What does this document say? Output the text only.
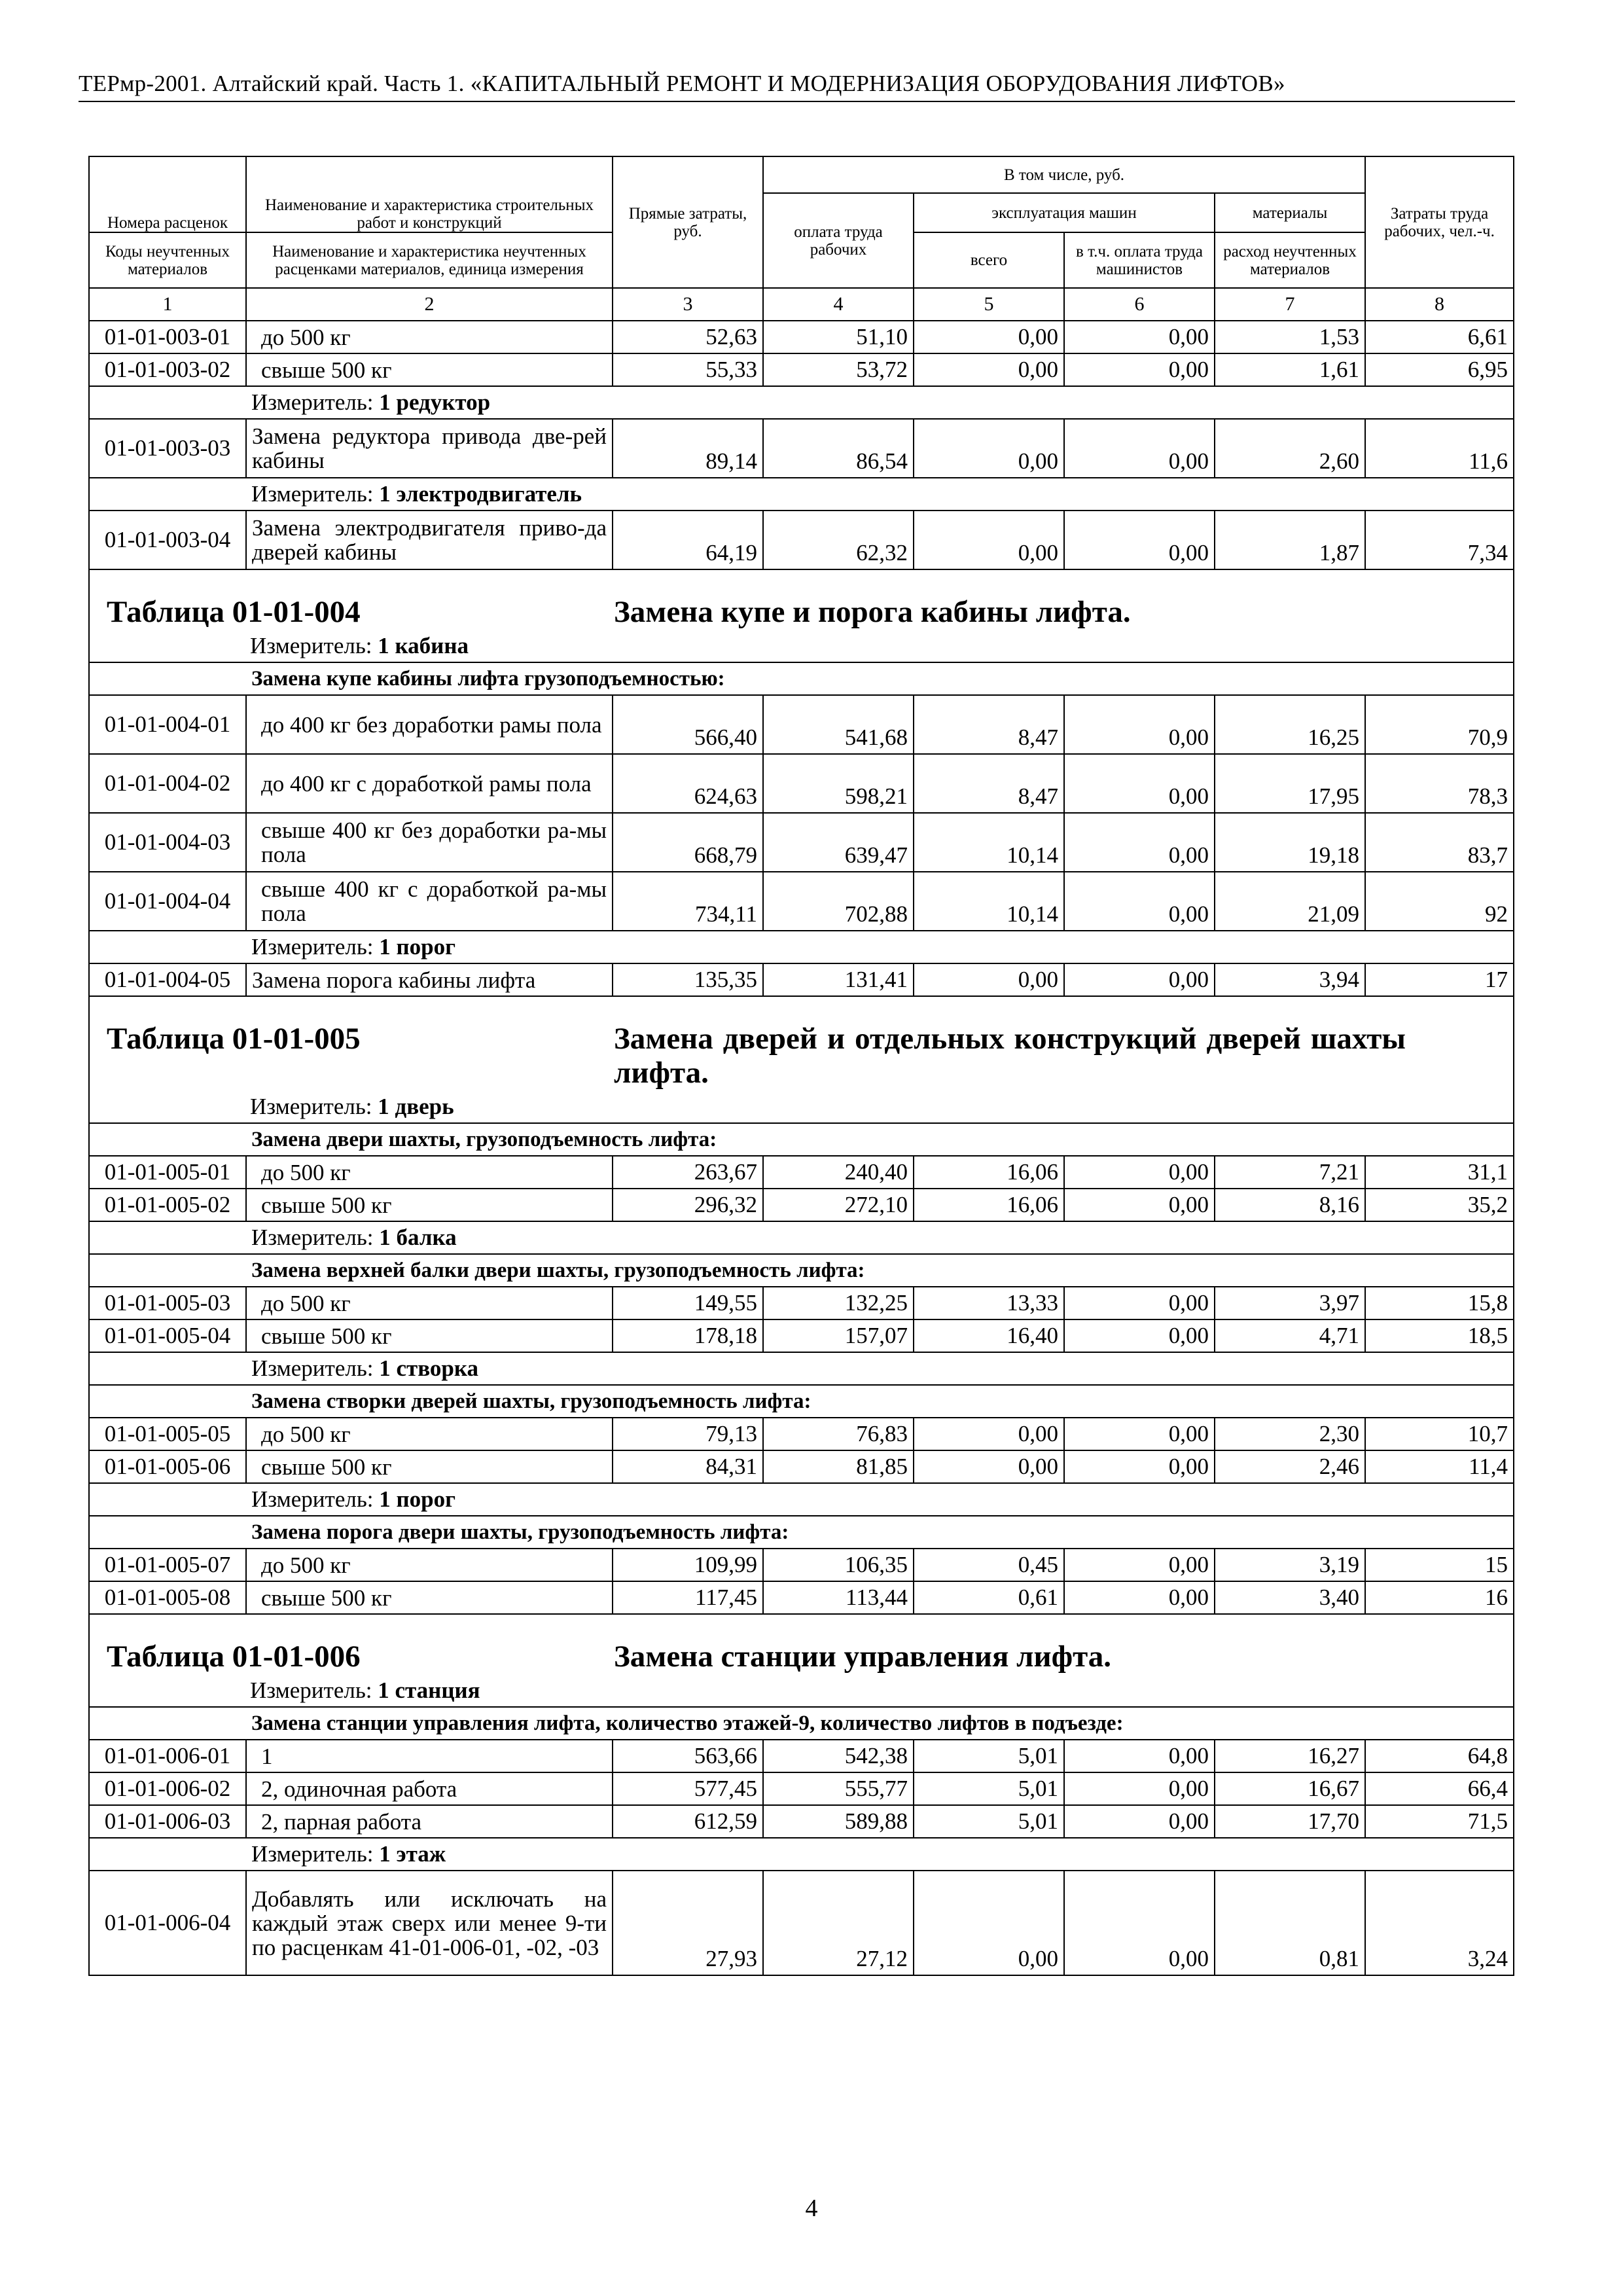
ТЕРмр-2001. Алтайский край. Часть 1. «КАПИТАЛЬНЫЙ РЕМОНТ И МОДЕРНИЗАЦИЯ ОБОРУДОВАНИЯ ЛИФТОВ»
Номера расценок	Наименование и характеристика строительных работ и конструкций	Прямые затраты, руб.	В том числе, руб.				Затраты труда рабочих, чел.-ч.
			оплата труда рабочих	эксплуатация машин		материалы	
Коды неучтенных материалов	Наименование и характеристика неучтенных расценками материалов, единица измерения			всего	в т.ч. оплата труда машинистов	расход неучтенных материалов	
1	2	3	4	5	6	7	8
01-01-003-01	до 500 кг	52,63	51,10	0,00	0,00	1,53	6,61
01-01-003-02	свыше 500 кг	55,33	53,72	0,00	0,00	1,61	6,95
	Измеритель: 1 редуктор						
01-01-003-03	Замена редуктора привода две-рей кабины	89,14	86,54	0,00	0,00	2,60	11,6
	Измеритель: 1 электродвигатель						
01-01-003-04	Замена электродвигателя приво-да дверей кабины	64,19	62,32	0,00	0,00	1,87	7,34

Таблица 01-01-004 Замена купе и порога кабины лифта.
Измеритель: 1 кабина							

	Замена купе кабины лифта грузоподъемностью:						
01-01-004-01	до 400 кг без доработки рамы пола	566,40	541,68	8,47	0,00	16,25	70,9
01-01-004-02	до 400 кг с доработкой рамы пола	624,63	598,21	8,47	0,00	17,95	78,3
01-01-004-03	свыше 400 кг без доработки ра-мы пола	668,79	639,47	10,14	0,00	19,18	83,7
01-01-004-04	свыше 400 кг с доработкой ра-мы пола	734,11	702,88	10,14	0,00	21,09	92
	Измеритель: 1 порог						
01-01-004-05	Замена порога кабины лифта	135,35	131,41	0,00	0,00	3,94	17

Таблица 01-01-005 Замена дверей и отдельных конструкций дверей шахты лифта.
Измеритель: 1 дверь							

	Замена двери шахты, грузоподъемность лифта:						
01-01-005-01	до 500 кг	263,67	240,40	16,06	0,00	7,21	31,1
01-01-005-02	свыше 500 кг	296,32	272,10	16,06	0,00	8,16	35,2
	Измеритель: 1 балка						
	Замена верхней балки двери шахты, грузоподъемность лифта:						
01-01-005-03	до 500 кг	149,55	132,25	13,33	0,00	3,97	15,8
01-01-005-04	свыше 500 кг	178,18	157,07	16,40	0,00	4,71	18,5
	Измеритель: 1 створка						
	Замена створки дверей шахты, грузоподъемность лифта:						
01-01-005-05	до 500 кг	79,13	76,83	0,00	0,00	2,30	10,7
01-01-005-06	свыше 500 кг	84,31	81,85	0,00	0,00	2,46	11,4
	Измеритель: 1 порог						
	Замена порога двери шахты, грузоподъемность лифта:						
01-01-005-07	до 500 кг	109,99	106,35	0,45	0,00	3,19	15
01-01-005-08	свыше 500 кг	117,45	113,44	0,61	0,00	3,40	16

Таблица 01-01-006 Замена станции управления лифта.
Измеритель: 1 станция							

	Замена станции управления лифта, количество этажей-9, количество лифтов в подъезде:						
01-01-006-01	1	563,66	542,38	5,01	0,00	16,27	64,8
01-01-006-02	2, одиночная работа	577,45	555,77	5,01	0,00	16,67	66,4
01-01-006-03	2, парная работа	612,59	589,88	5,01	0,00	17,70	71,5
	Измеритель: 1 этаж						
01-01-006-04	Добавлять или исключать на каждый этаж сверх или менее 9-ти по расценкам 41-01-006-01, -02, -03	27,93	27,12	0,00	0,00	0,81	3,24
4
